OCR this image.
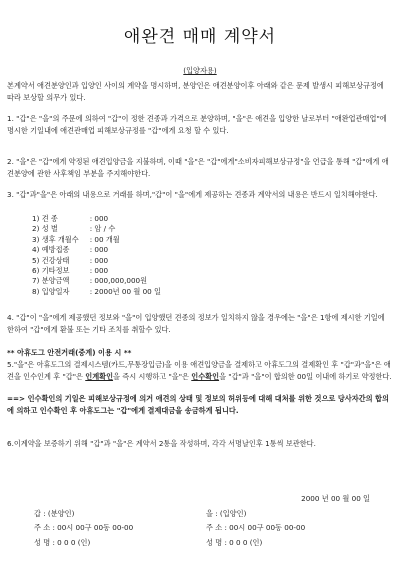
애완견 매매 계약서
(입양자용)
본계약서 애견분양인과 입양인 사이의 계약을 명시하며, 분양인은 애견분양이후 아래와 같은 문제 발생시 피해보상규정에 따라 보상할 의무가 있다.
1. "갑"은 "을"의 주문에 의하여 "갑"이 정한 견종과 가격으로 분양하며, "을"은 애견을 입양한 날로부터 "애완업관매업"에 명시한 기일내에 애견관매업 피해보상규정를 "갑"에게 요청 할 수 있다.
2. "을"은 "갑"에게 약정된 애견입양금을 지불하며, 이때 "을"은 "갑"에게"소비자피해보상규정"을 언급을 통해 "갑"에게 애견분양에 관한 사후책임 부분을 주지해야한다.
3. "갑"과"을"은 아래의 내용으로 거래를 하며,"갑"이 "을"에게 제공하는 견종과 계약서의 내용은 반드시 일치해야한다.
1) 견 종	: 000
2) 성 별	: 암 / 수
3) 생후 개월수 : 00 개월
4) 예방접종	: 000
5) 건강상태	: 000
6) 기타정보	: 000
7) 분양금액	: 000,000,000원
8) 입양일자	: 2000년 00 월 00 일
4. "갑"이 "을"에게 제공했던 정보와 "을"이 입양했던 견종의 정보가 일치하지 않을 경우에는 "을"은 1항에 제시한 기일에 한하여 "갑"에게 환불 또는 기타 조치를 취할수 있다.
** 아휴도그 안전거래(중계) 이용 시 **
5."을"은 아휴도그의 결제시스템(카드,무통장입금)을 이용 애견입양금을 결제하고 아휴도그의 결제확인 후 "갑"과"을"은 애견을 인수인계 후 "갑"은 인계확인을 즉시 시행하고 "을"은 인수확인을 "갑"과 "을"이 합의한 00일 이내에 하기로 약정한다.
==> 인수확인의 기일은 피해보상규정에 의거 애견의 상태 및 정보의 허위등에 대해 대처를 위한 것으로 당사자간의 합의에 의하고 인수확인 후 아휴도그는 "갑"에게 결제대금을 송금하게 됩니다.
6.이계약을 보증하기 위해 "갑"과 "을"은 계약서 2통을 작성하며, 각각 서명날인후 1통씩 보관한다.
2000 년 00 월 00 일
갑 : (분양인)	을 : (입양인)
주 소 : 00시 00구 00동 00-00	주 소 : 00시 00구 00동 00-00
성 명 : 0 0 0 (인)	성 명 : 0 0 0 (인)
